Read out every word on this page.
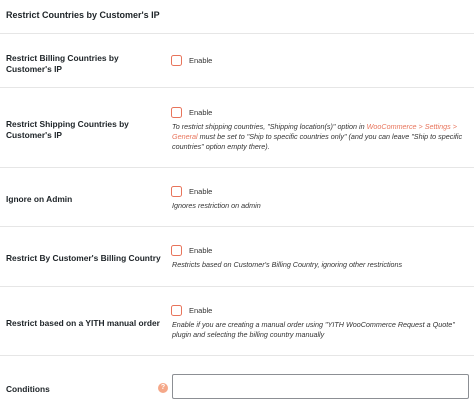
Restrict Countries by Customer's IP
Restrict Billing Countries by Customer's IP
Enable
Restrict Shipping Countries by Customer's IP
Enable
To restrict shipping countries, "Shipping location(s)" option in WooCommerce > Settings > General must be set to "Ship to specific countries only" (and you can leave "Ship to specific countries" option empty there).
Ignore on Admin
Enable
Ignores restriction on admin
Restrict By Customer's Billing Country
Enable
Restricts based on Customer's Billing Country, ignoring other restrictions
Restrict based on a YITH manual order
Enable
Enable if you are creating a manual order using "YITH WooCommerce Request a Quote" plugin and selecting the billing country manually
Conditions	?
